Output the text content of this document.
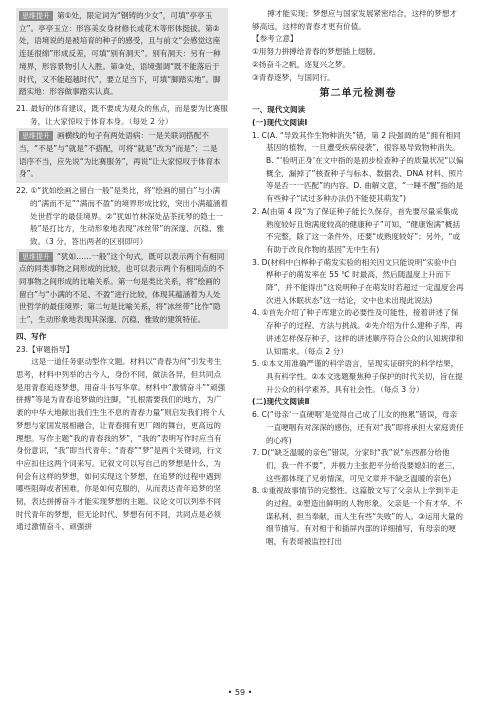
思维提升 第①处，限定词为“钢铸的少女”，可填“亭亭玉立”。亭亭玉立：形容美女身材修长或花木等形体挺拔。第②处，语境说的是被培育的种子的感受，且与前文“会感觉这座连延很绵”形成反差，可填“别有洞天”。别有洞天：另有一种境界，形容景物引人入胜。第③处，语境强调“既不能落后于时代，又不能超越时代”，要立足当下，可填“脚踏实地”。脚踏实地：形容做事踏实认真。

21. 最好的体育建议，既不要成为观众的焦点，而是要为比赛服务，让大家惊叹于体育本身。（每处 2 分）

思维提升 画横线的句子有两处语病：一是关联词搭配不当，“不是”与“就是”不搭配，可将“就是”改为“而是”；二是语序不当，应先说“为比赛服务”，再说“让大家惊叹于体育本身”。

22. ①“犹如绘画之留白一般”是类比，将“绘画的留白”与小满的“满而不足”“满而不盈”的境界形成比较，突出小满蕴涵着处世哲学的最佳境界。②“犹如竹林深处品茶抚琴的隐士一般”是打比方，生动形象地表现“冰丝带”的深邃、沉稳、雅致。（3 分，答出两者的区别即可）

思维提升 “犹如……一般”这个句式，既可以表示两个有相同点的同类事物之间形成的比较，也可以表示两个有相同点的不同事物之间形成的比喻关系。第一句是类比关系，将“绘画的留白”与“小满的不足、不盈”进行比较，体现其蕴涵着为人处世哲学的最佳境界；第二句是比喻关系，将“冰丝带”比作“隐士”，生动形象地表现其深邃、沉稳、雅致的建筑特征。

四、写作

23.【审题指导】

这是一道任务驱动型作文题。材料以“青春为何”引发考生思考，材料中列举的古今人，身份不同，做法各异，但共同点是用青春追逐梦想，用奋斗书写华章。材料中“激情奋斗”“顽强拼搏”等是为青春追梦做的注脚，“扎根需要我们的地方，为广袤的中华大地献出我们生生不息的青春力量”则启发我们将个人梦想与家国发展相融合，让青春拥有更厂阔的舞台，更高远的理想。写作主题“我的青春我的梦”，“我的”表明写作时应当有身份意识，“我”即当代青年；“青春”“梦”是两个关键词，行文中应扣住这两个词来写。记叙文可以写自己的梦想是什么，为何会有这样的梦想，如何实现这个梦想，在追梦的过程中遇到哪些阻碍或者困难，你是如何克服的，从而表达青年追梦的坚韧，表达拼搏奋斗才能实现梦想的主题。议论文可以列举不同时代青年的梦想，但无论时代、梦想有何不同，共同点是必须通过激情奋斗、顽强拼

搏才能实现；梦想应与国家发展紧密结合，这样的梦想才够高远，这样的青春才更有价值。

【参考立意】

①用努力拼搏给青春的梦想插上翅膀。

②扬奋斗之帆，逐复兴之梦。

③青春逐梦，与国同行。

第二单元检测卷

一、现代文阅读

(一)现代文阅读Ⅰ

1. C(A. “导致其作生物种消失”错，第 2 段强调的是“拥有相同基因的植物，一旦遭受疾病侵袭”，很容易导致物种消失。B. “‘验明正身’在文中指的是初步检查种子的质量状况”以偏概全，漏掉了“核查种子与标本、数据表、DNA 材料、照片等是否一一匹配”的内容。D. 曲解文意，“一睡不醒”指的是有些种子“试过多种办法仍不能使其萌发”)

2. A(由第 4 段“为了保证种子能长久保存，首先要尽量采集成熟度较好且饱满度较高的健康种子”可知，“健康饱满”概括不完整，除了这一条件外，还要“成熟度较好”；另外，“或有助于改良作物的基因”无中生有)

3. D(材料中白桦种子萌发实验的相关因文只能说明“实验中白桦种子的萌发率在 55 ℃ 时最高，然后随温度上升而下降”，并不能得出“这说明种子在萌发时若超过一定温度会再次进入休眠状态”这一结论，文中也未出现此说法)

4. ①首先介绍了种子库建立的必要性及可能性，接着讲述了保存种子的过程、方法与挑战。②先介绍为什么建种子库，再讲述怎样保存种子，这样的讲述顺序符合公众的认知规律和认知需求。（每点 2 分）

5. ①本文用准确严谨的科学语言，呈现实证研究的科学结果，具有科学性。②本文选题聚焦种子保护的时代关切，旨在提升公众的科学素养，具有社会性。（每点 3 分）

(二)现代文阅读Ⅱ

6. C(“母亲‘一直硬咽’是觉得自己成了儿女的拖累”错误，母亲一直哽咽有对深深的感伤，还有对“我”即将承担大家庭责任的心疼)

7. D(“缺乏温暖的亲色”错误，分家时“我”说“东西都分给他们，我一件不要”，并极力主张把平分给没要媳妇的老三，这些都体现了兄弟情深，可见文章并不缺乏温暖的亲色)

8. ①重视故事情节的完整性。这篇散文写了父亲从上学到半走的过程。②塑造出鲜明的人物形象。父亲是一个有才华、不谋私利、担当奉献，而人生有些“失败”的人。③运用大量的细节描写。有对相于和插屏内部的详细描写，有母亲的哽咽，有表哥被监控打出

• 59 •
